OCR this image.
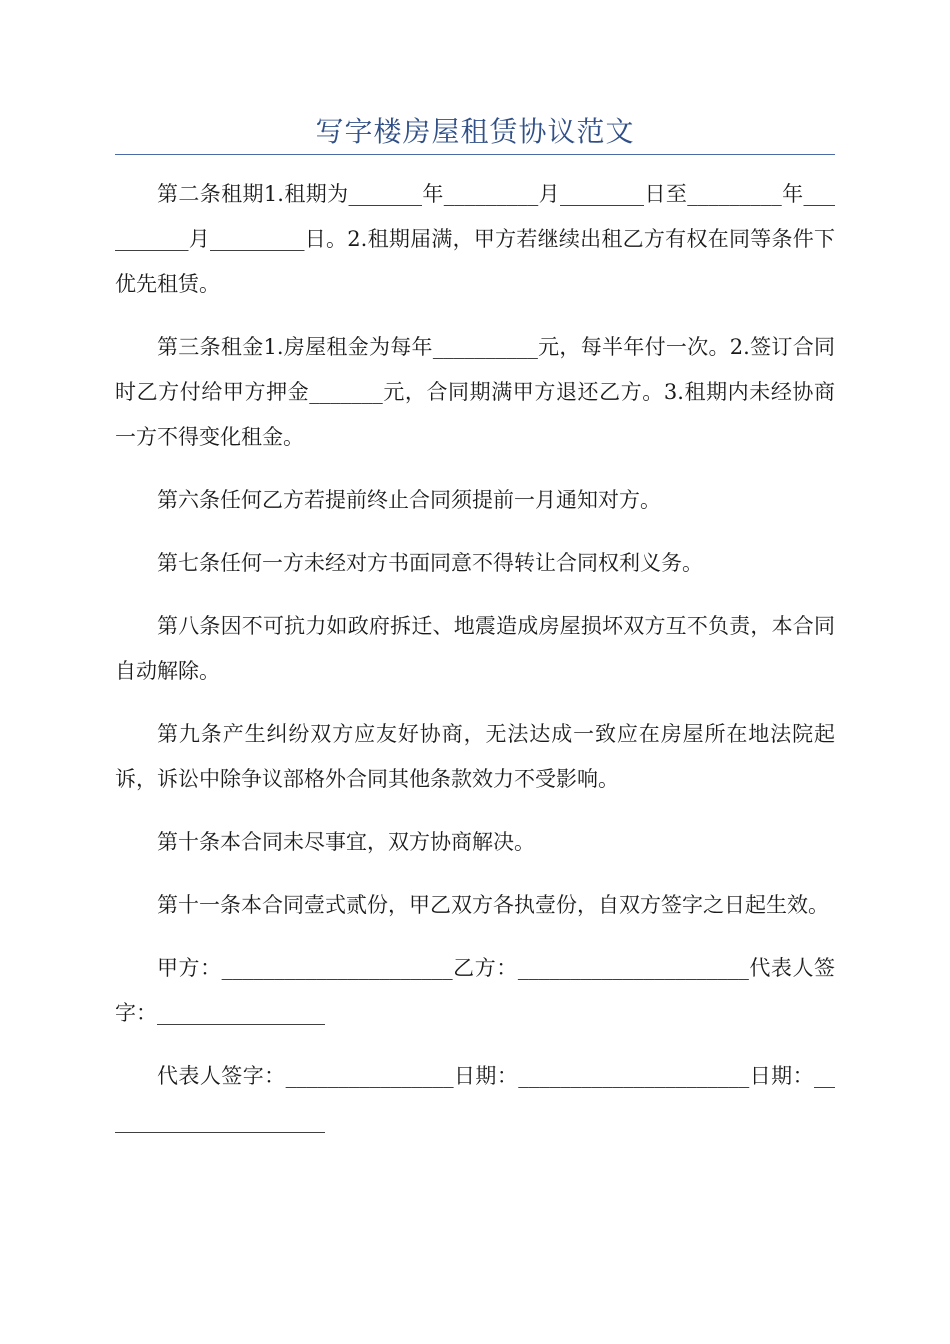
写字楼房屋租赁协议范文

第二条租期1.租期为_______年_________月________日至_________年__________月_________日。2.租期届满，甲方若继续出租乙方有权在同等条件下优先租赁。

第三条租金1.房屋租金为每年__________元，每半年付一次。2.签订合同时乙方付给甲方押金_______元，合同期满甲方退还乙方。3.租期内未经协商一方不得变化租金。

第六条任何乙方若提前终止合同须提前一月通知对方。

第七条任何一方未经对方书面同意不得转让合同权利义务。

第八条因不可抗力如政府拆迁、地震造成房屋损坏双方互不负责，本合同自动解除。

第九条产生纠纷双方应友好协商，无法达成一致应在房屋所在地法院起诉，诉讼中除争议部格外合同其他条款效力不受影响。

第十条本合同未尽事宜，双方协商解决。

第十一条本合同壹式贰份，甲乙双方各执壹份，自双方签字之日起生效。

甲方：______________________乙方：______________________代表人签字：________________

代表人签字：________________日期：______________________日期：______________________
